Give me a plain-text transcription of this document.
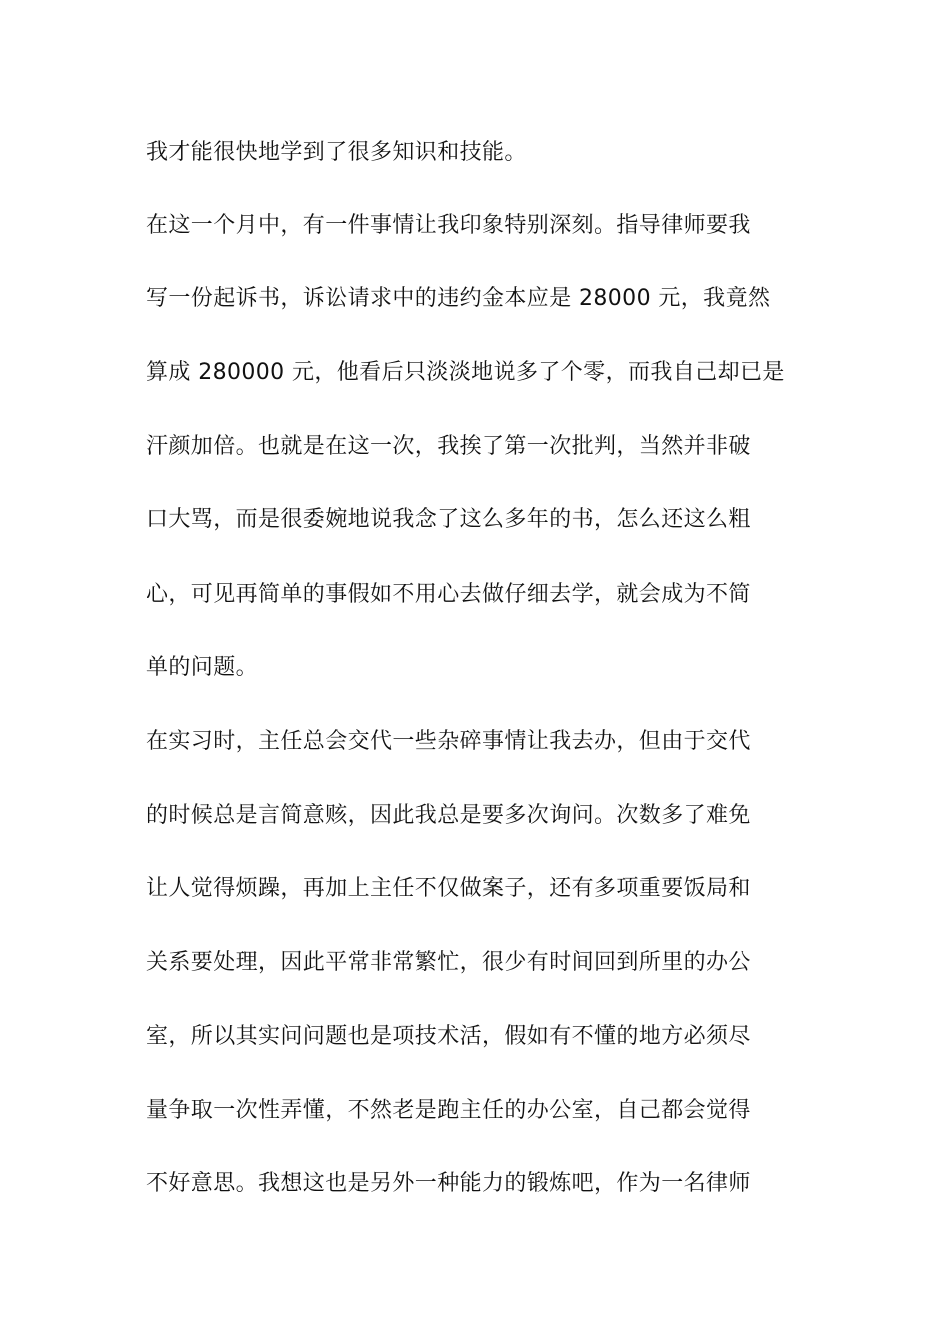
我才能很快地学到了很多知识和技能。
在这一个月中，有一件事情让我印象特别深刻。指导律师要我
写一份起诉书，诉讼请求中的违约金本应是 28000 元，我竟然
算成 280000 元，他看后只淡淡地说多了个零，而我自己却已是
汗颜加倍。也就是在这一次，我挨了第一次批判，当然并非破
口大骂，而是很委婉地说我念了这么多年的书，怎么还这么粗
心，可见再简单的事假如不用心去做仔细去学，就会成为不简
单的问题。
在实习时，主任总会交代一些杂碎事情让我去办，但由于交代
的时候总是言简意赅，因此我总是要多次询问。次数多了难免
让人觉得烦躁，再加上主任不仅做案子，还有多项重要饭局和
关系要处理，因此平常非常繁忙，很少有时间回到所里的办公
室，所以其实问问题也是项技术活，假如有不懂的地方必须尽
量争取一次性弄懂，不然老是跑主任的办公室，自己都会觉得
不好意思。我想这也是另外一种能力的锻炼吧，作为一名律师
